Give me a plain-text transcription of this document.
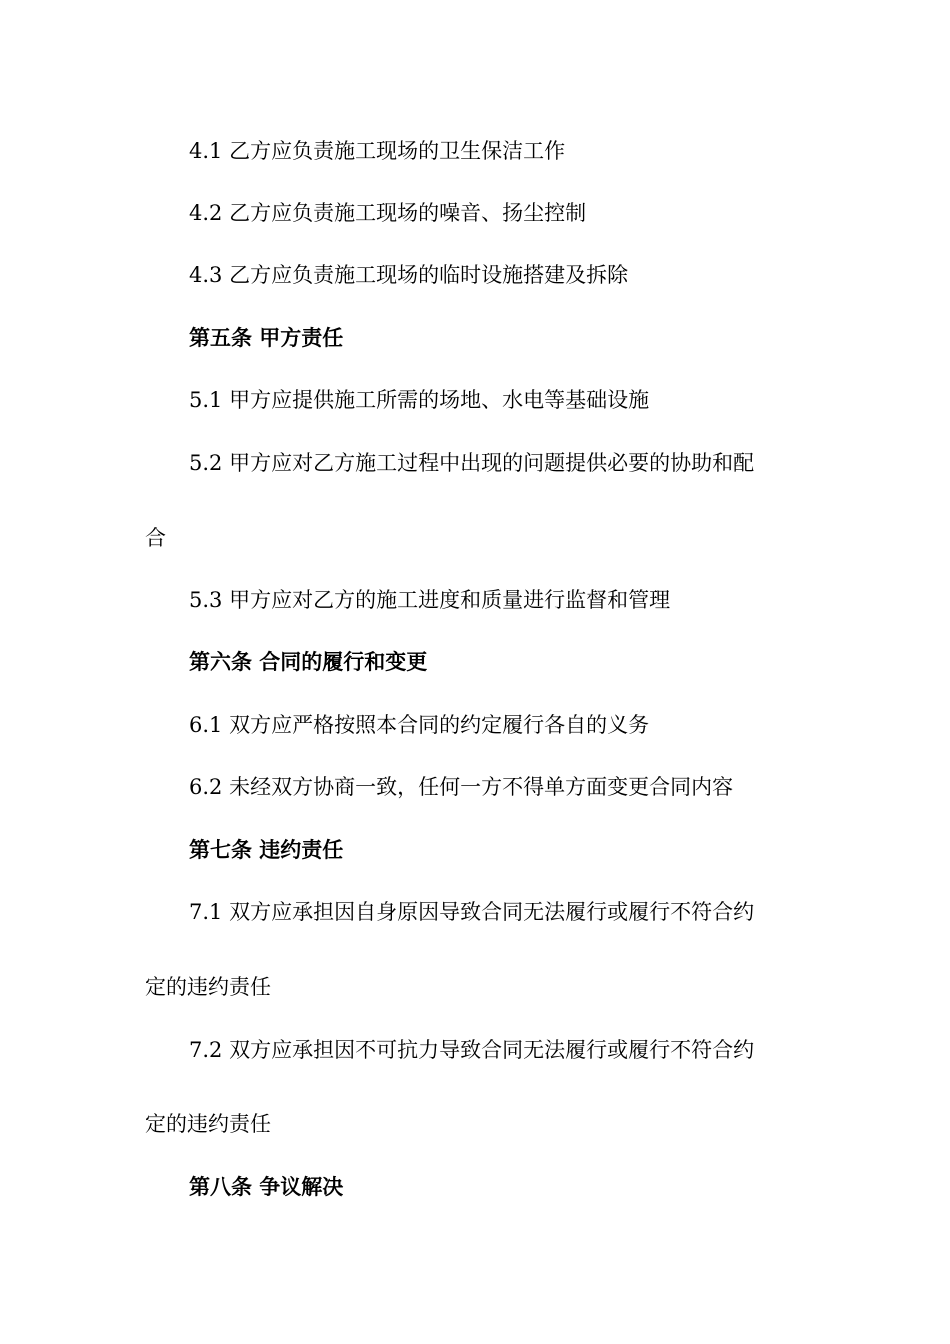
4.1 乙方应负责施工现场的卫生保洁工作
4.2 乙方应负责施工现场的噪音、扬尘控制
4.3 乙方应负责施工现场的临时设施搭建及拆除
第五条 甲方责任
5.1 甲方应提供施工所需的场地、水电等基础设施
5.2 甲方应对乙方施工过程中出现的问题提供必要的协助和配
合
5.3 甲方应对乙方的施工进度和质量进行监督和管理
第六条 合同的履行和变更
6.1 双方应严格按照本合同的约定履行各自的义务
6.2 未经双方协商一致，任何一方不得单方面变更合同内容
第七条 违约责任
7.1 双方应承担因自身原因导致合同无法履行或履行不符合约
定的违约责任
7.2 双方应承担因不可抗力导致合同无法履行或履行不符合约
定的违约责任
第八条 争议解决
